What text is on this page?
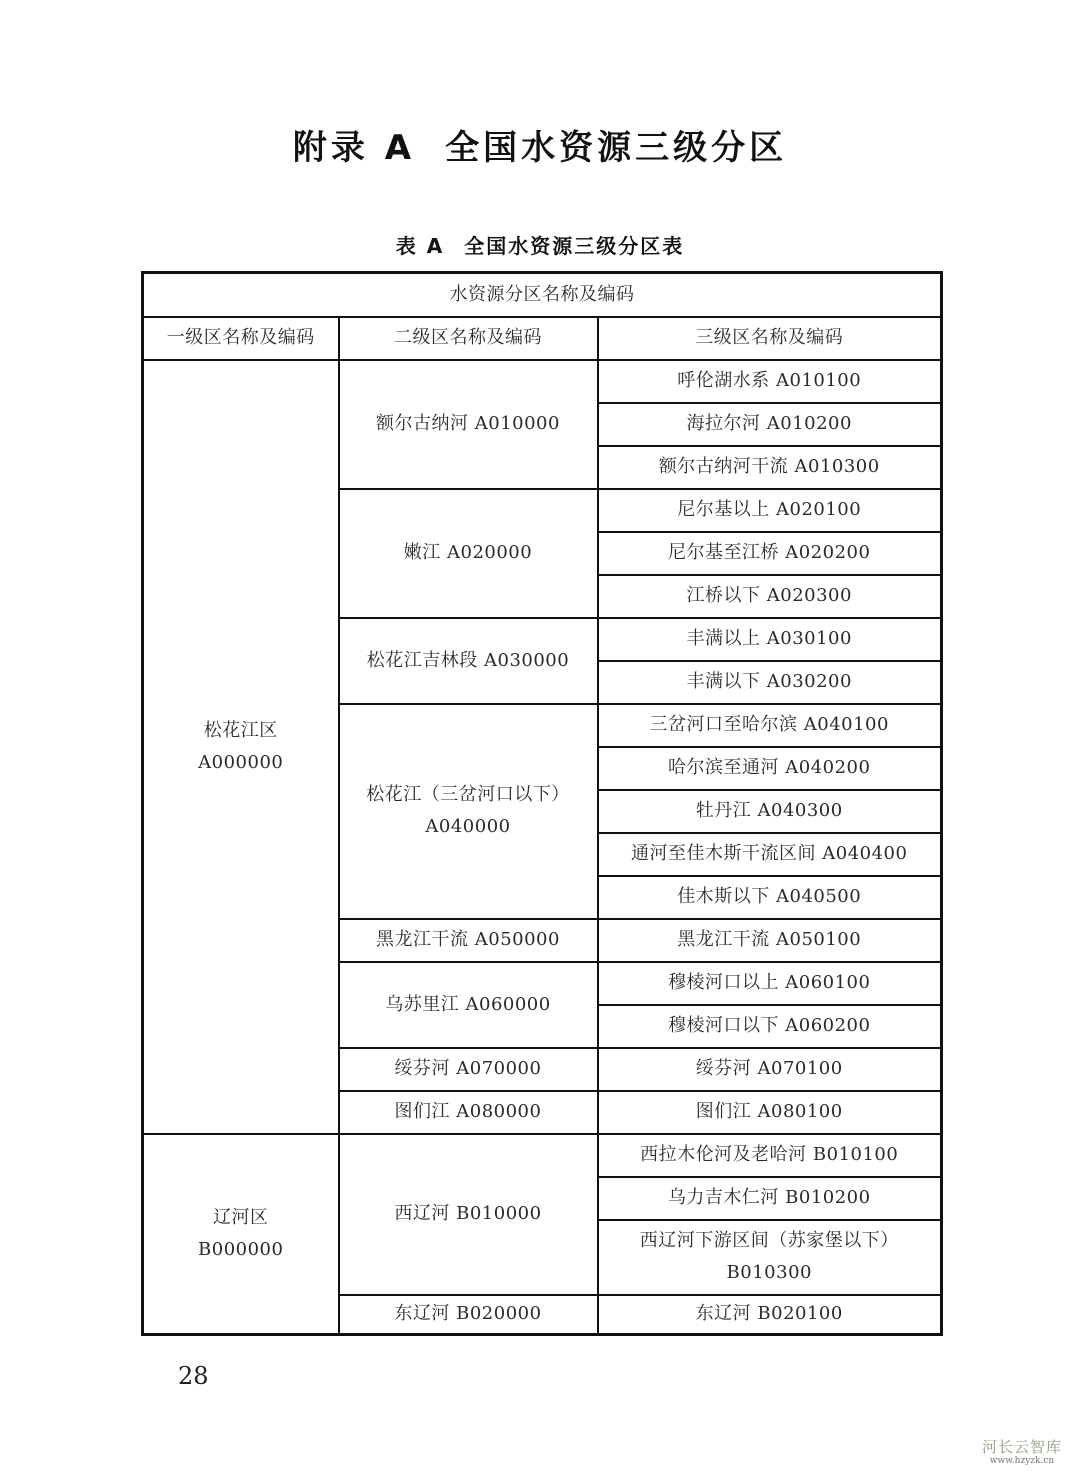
附录 A 全国水资源三级分区
表 A 全国水资源三级分区表
水资源分区名称及编码		
一级区名称及编码	二级区名称及编码	三级区名称及编码

松花江区
A000000	额尔古纳河 A010000	呼伦湖水系 A010100
		海拉尔河 A010200
		额尔古纳河干流 A010300
	嫩江 A020000	尼尔基以上 A020100
		尼尔基至江桥 A020200
		江桥以下 A020300
	松花江吉林段 A030000	丰满以上 A030100
		丰满以下 A030200

	松花江（三岔河口以下）
A040000	三岔河口至哈尔滨 A040100
		哈尔滨至通河 A040200
		牡丹江 A040300
		通河至佳木斯干流区间 A040400
		佳木斯以下 A040500
	黑龙江干流 A050000	黑龙江干流 A050100
	乌苏里江 A060000	穆棱河口以上 A060100
		穆棱河口以下 A060200
	绥芬河 A070000	绥芬河 A070100
	图们江 A080000	图们江 A080100

辽河区
B000000	西辽河 B010000	西拉木伦河及老哈河 B010100
		乌力吉木仁河 B010200

		西辽河下游区间（苏家堡以下）
B010300

	东辽河 B020000	东辽河 B020100
28
河长云智库
www.hzyzk.cn
